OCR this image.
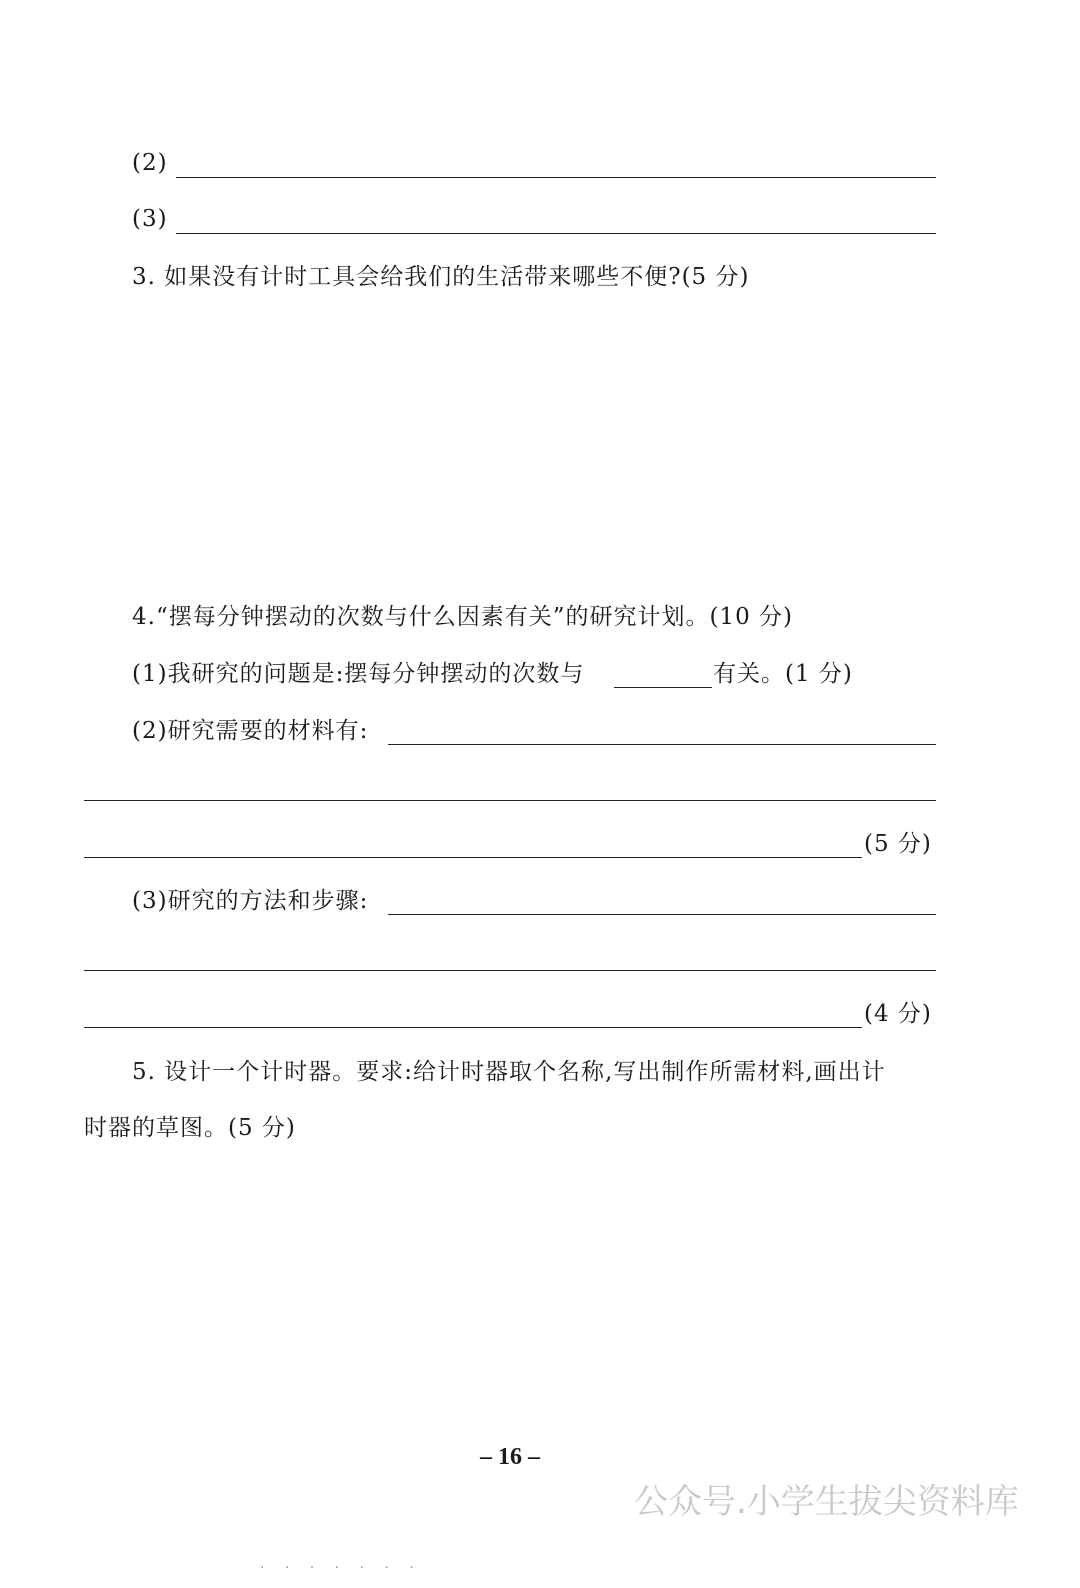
(2)
(3)
3. 如果没有计时工具会给我们的生活带来哪些不便?(5 分)
4.“摆每分钟摆动的次数与什么因素有关”的研究计划。(10 分)
(1)我研究的问题是:摆每分钟摆动的次数与	有关。(1 分)
(2)研究需要的材料有:
(5 分)
(3)研究的方法和步骤:
(4 分)
5. 设计一个计时器。要求:给计时器取个名称,写出制作所需材料,画出计
时器的草图。(5 分)
– 16 –
公众号.小学生拔尖资料库
· · · · · · ·
